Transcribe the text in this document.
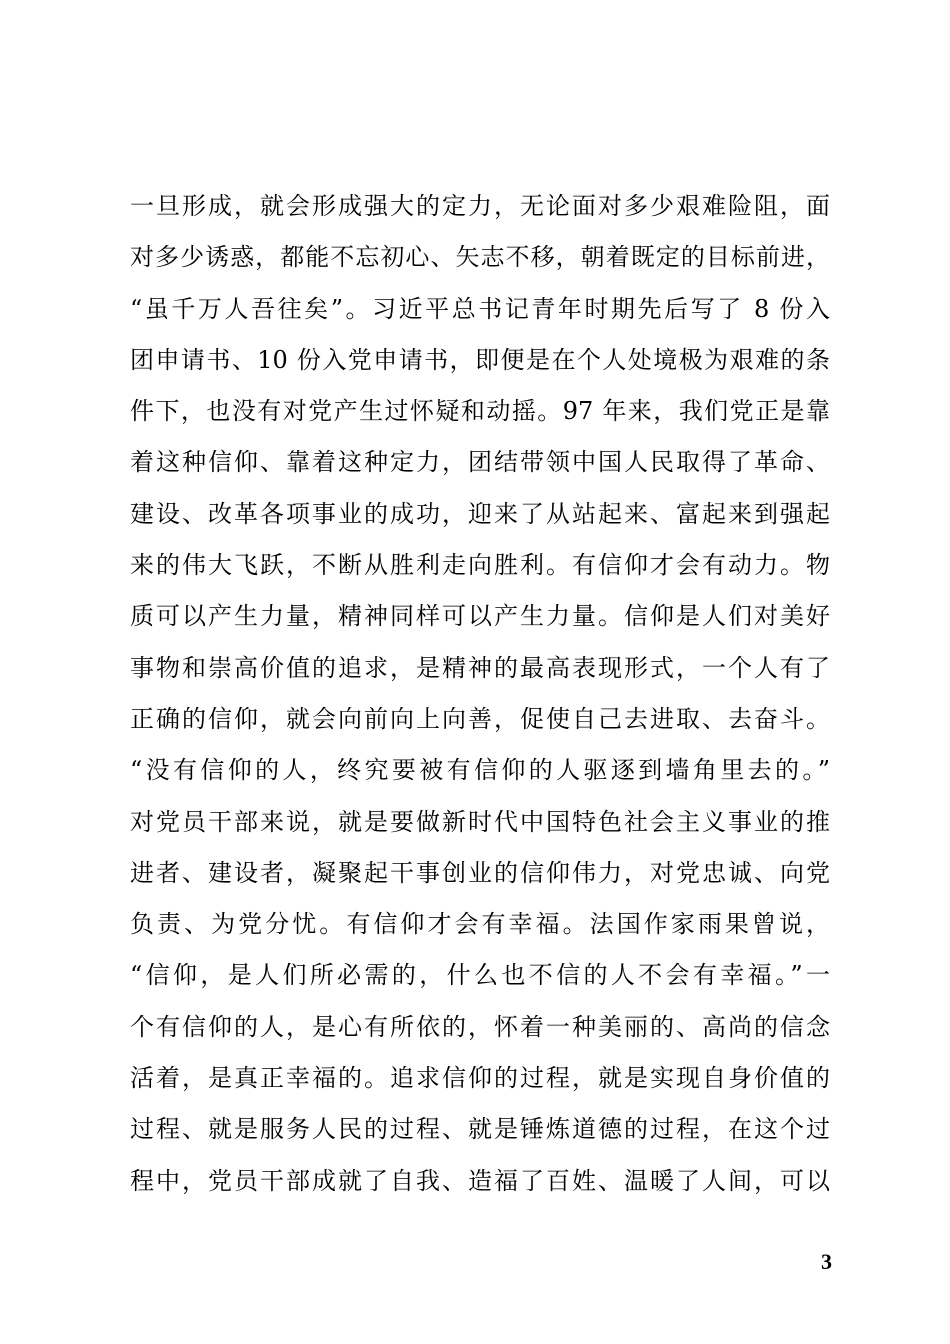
一旦形成，就会形成强大的定力，无论面对多少艰难险阻，面
对多少诱惑，都能不忘初心、矢志不移，朝着既定的目标前进，
“虽千万人吾往矣”。习近平总书记青年时期先后写了 8 份入
团申请书、10 份入党申请书，即便是在个人处境极为艰难的条
件下，也没有对党产生过怀疑和动摇。97 年来，我们党正是靠
着这种信仰、靠着这种定力，团结带领中国人民取得了革命、
建设、改革各项事业的成功，迎来了从站起来、富起来到强起
来的伟大飞跃，不断从胜利走向胜利。有信仰才会有动力。物
质可以产生力量，精神同样可以产生力量。信仰是人们对美好
事物和崇高价值的追求，是精神的最高表现形式，一个人有了
正确的信仰，就会向前向上向善，促使自己去进取、去奋斗。
“没有信仰的人，终究要被有信仰的人驱逐到墙角里去的。”
对党员干部来说，就是要做新时代中国特色社会主义事业的推
进者、建设者，凝聚起干事创业的信仰伟力，对党忠诚、向党
负责、为党分忧。有信仰才会有幸福。法国作家雨果曾说，
“信仰，是人们所必需的，什么也不信的人不会有幸福。”一
个有信仰的人，是心有所依的，怀着一种美丽的、高尚的信念
活着，是真正幸福的。追求信仰的过程，就是实现自身价值的
过程、就是服务人民的过程、就是锤炼道德的过程，在这个过
程中，党员干部成就了自我、造福了百姓、温暖了人间，可以
3
